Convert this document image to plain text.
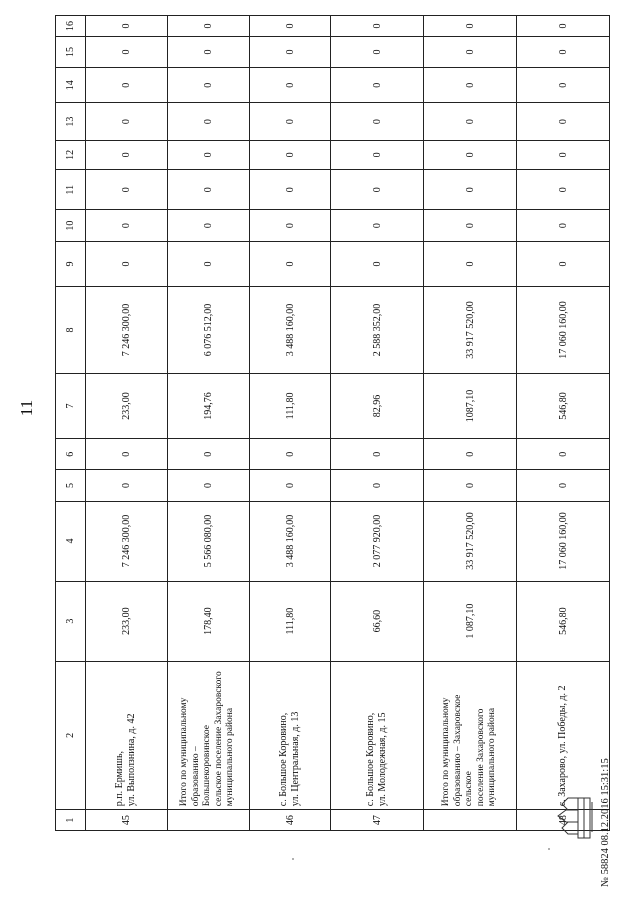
11
1	2	3	4	5	6	7	8	9	10	11	12	13	14	15	16
45	р.п. Ермишь, ул. Выползнина, д. 42	233,00	7 246 300,00	0	0	233,00	7 246 300,00	0	0	0	0	0	0	0	0

	Итого по муниципальному образованию – Большекоровинское сельское поселение Захаровского муниципального района	178,40	5 566 080,00	0	0	194,76	6 076 512,00	0	0	0	0	0	0	0	0
46	с. Большое Коровино, ул. Центральная, д. 13	111,80	3 488 160,00	0	0	111,80	3 488 160,00	0	0	0	0	0	0	0	0
47	с. Большое Коровино, ул. Молодежная, д. 15	66,60	2 077 920,00	0	0	82,96	2 588 352,00	0	0	0	0	0	0	0	0

	Итого по муниципальному образованию – Захаровское сельское поселение Захаровского муниципального района	1 087,10	33 917 520,00	0	0	1087,10	33 917 520,00	0	0	0	0	0	0	0	0
48	с. Захарово, ул. Победы, д. 2	546,80	17 060 160,00	0	0	546,80	17 060 160,00	0	0	0	0	0	0	0	0
№ 58824 08.12.2016 15:31:15
